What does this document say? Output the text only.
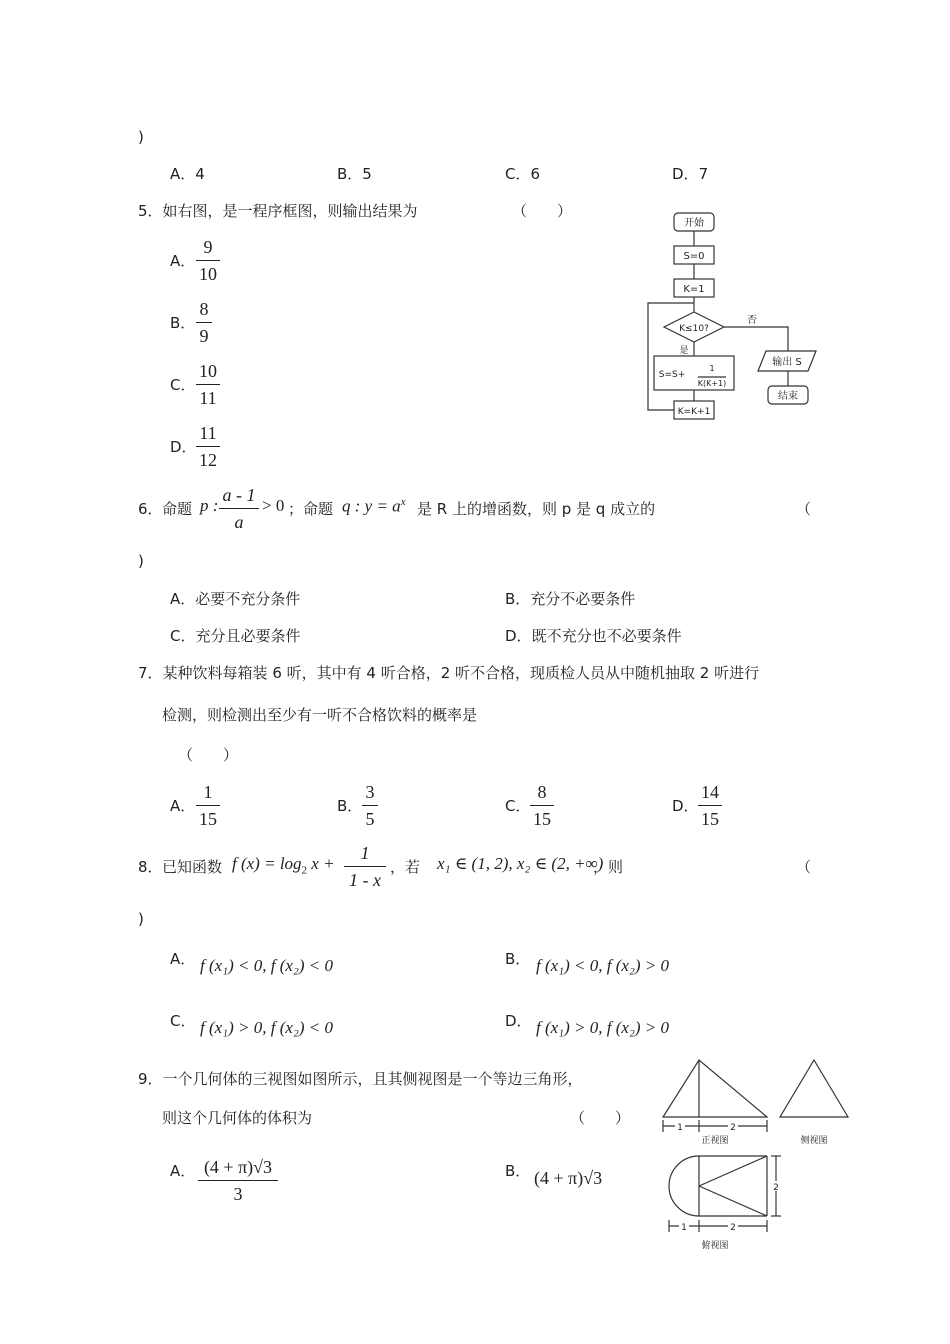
)
A．4	B．5	C．6	D．7
5．如右图，是一程序框图，则输出结果为	（　　）
A．
9
10
B．
8
9
C．
10
11
D．
11
12
开始
S=0
K=1
K≤10?
是
否
S=S+
1
K(K+1)
K=K+1
输出 S
结束
6． 命题 p :
a - 1
a
> 0 ；命题 q : $y = a^x$ 是 R 上的增函数，则 p 是 q 成立的	（
)
A．必要不充分条件	B．充分不必要条件
C．充分且必要条件	D．既不充分也不必要条件
7．某种饮料每箱装 6 听，其中有 4 听合格，2 听不合格，现质检人员从中随机抽取 2 听进行
检测，则检测出至少有一听不合格饮料的概率是
（　　）
A．
1
15
B．
3
5
C．
8
15
D．
14
15
8． 已知函数 f $(x) = \log_2 x$ +
1
1 - x
，若 x₁ ∈ (1, 2), x₂ ∈ (2, +∞)
，则	（
)
A． f (x₁) < 0, f (x₂) < 0	B． f (x₁) < 0, f (x₂) > 0
C． f (x₁) > 0, f (x₂) < 0	D． f (x₁) > 0, f (x₂) > 0
9．一个几何体的三视图如图所示，且其侧视图是一个等边三角形，
则这个几何体的体积为	（　　）
A． (4 + π)√3
3
B． (4 + π)√3
1	2
正视图	侧视图
2
1	2
俯视图
